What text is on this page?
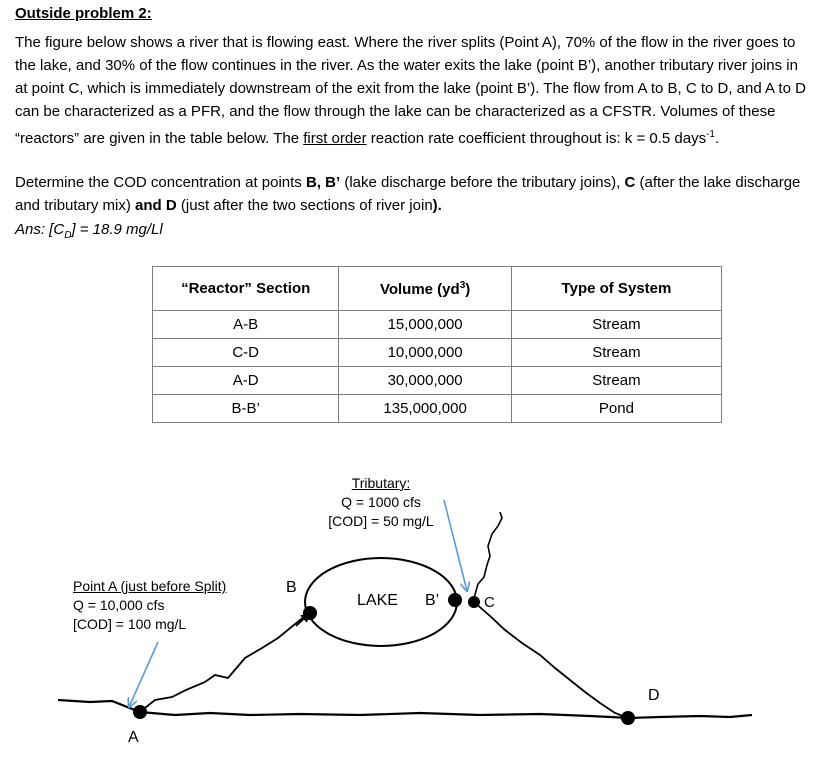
Outside problem 2:

The figure below shows a river that is flowing east. Where the river splits (Point A), 70% of the flow in the river goes to the lake, and 30% of the flow continues in the river. As the water exits the lake (point B’), another tributary river joins in at point C, which is immediately downstream of the exit from the lake (point B’). The flow from A to B, C to D, and A to D can be characterized as a PFR, and the flow through the lake can be characterized as a CFSTR. Volumes of these “reactors” are given in the table below. The first order reaction rate coefficient throughout is: k = 0.5 days$^{-1}$.

Determine the COD concentration at points B, B’ (lake discharge before the tributary joins), C (after the lake discharge and tributary mix) and D (just after the two sections of river join).

Ans: $[C_D] = 18.9$ mg/Ll

“Reactor” Section	Volume $(yd^3)$	Type of System
A-B	15,000,000	Stream
C-D	10,000,000	Stream
A-D	30,000,000	Stream
B-B’	135,000,000	Pond
Tributary:
Q = 1000 cfs
[COD] = 50 mg/L
Point A (just before Split)
Q = 10,000 cfs
[COD] = 100 mg/L
LAKE
B
B’	C
D
A
